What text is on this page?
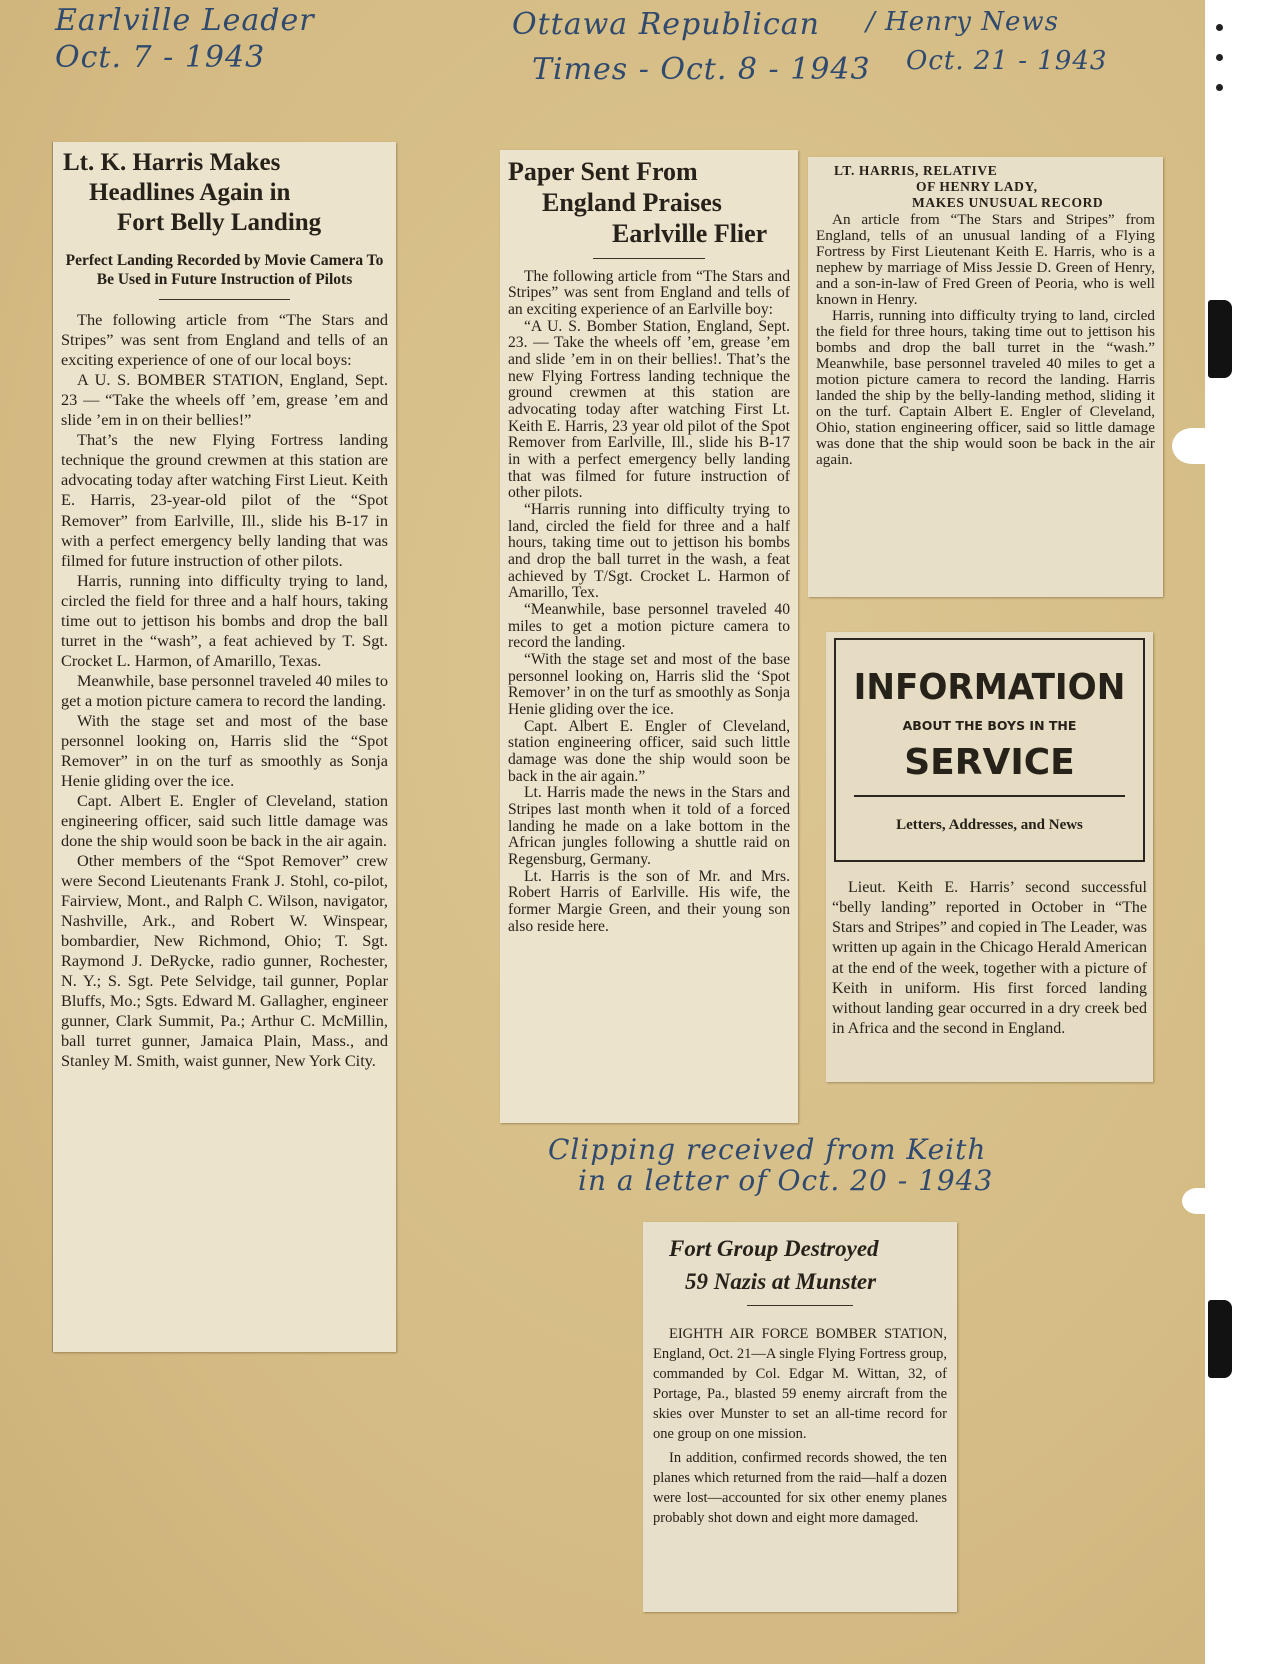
Earlville Leader
Oct. 7 - 1943
Ottawa Republican
Times - Oct. 8 - 1943
/ Henry News
Oct. 21 - 1943
Clipping received from Keith
in a letter of Oct. 20 - 1943
Lt. K. Harris Makes
Headlines Again in
Fort Belly Landing
Perfect Landing Recorded by Movie Camera To Be Used in Future Instruction of Pilots

The following article from “The Stars and Stripes” was sent from England and tells of an exciting experience of one of our local boys:

A U. S. BOMBER STATION, England, Sept. 23 — “Take the wheels off ’em, grease ’em and slide ’em in on their bellies!”

That’s the new Flying Fortress landing technique the ground crewmen at this station are advocating today after watching First Lieut. Keith E. Harris, 23-year-old pilot of the “Spot Remover” from Earlville, Ill., slide his B-17 in with a perfect emergency belly landing that was filmed for future instruction of other pilots.

Harris, running into difficulty trying to land, circled the field for three and a half hours, taking time out to jettison his bombs and drop the ball turret in the “wash”, a feat achieved by T. Sgt. Crocket L. Harmon, of Amarillo, Texas.

Meanwhile, base personnel traveled 40 miles to get a motion picture camera to record the landing.

With the stage set and most of the base personnel looking on, Harris slid the “Spot Remover” in on the turf as smoothly as Sonja Henie gliding over the ice.

Capt. Albert E. Engler of Cleveland, station engineering officer, said such little damage was done the ship would soon be back in the air again.

Other members of the “Spot Remover” crew were Second Lieutenants Frank J. Stohl, co-pilot, Fairview, Mont., and Ralph C. Wilson, navigator, Nashville, Ark., and Robert W. Winspear, bombardier, New Richmond, Ohio; T. Sgt. Raymond J. DeRycke, radio gunner, Rochester, N. Y.; S. Sgt. Pete Selvidge, tail gunner, Poplar Bluffs, Mo.; Sgts. Edward M. Gallagher, engineer gunner, Clark Summit, Pa.; Arthur C. McMillin, ball turret gunner, Jamaica Plain, Mass., and Stanley M. Smith, waist gunner, New York City.

Paper Sent From
England Praises
Earlville Flier

The following article from “The Stars and Stripes” was sent from England and tells of an exciting experience of an Earlville boy:

“A U. S. Bomber Station, England, Sept. 23. — Take the wheels off ’em, grease ’em and slide ’em in on their bellies!. That’s the new Flying Fortress landing technique the ground crewmen at this station are advocating today after watching First Lt. Keith E. Harris, 23 year old pilot of the Spot Remover from Earlville, Ill., slide his B-17 in with a perfect emergency belly landing that was filmed for future instruction of other pilots.

“Harris running into difficulty trying to land, circled the field for three and a half hours, taking time out to jettison his bombs and drop the ball turret in the wash, a feat achieved by T/Sgt. Crocket L. Harmon of Amarillo, Tex.

“Meanwhile, base personnel traveled 40 miles to get a motion picture camera to record the landing.

“With the stage set and most of the base personnel looking on, Harris slid the ‘Spot Remover’ in on the turf as smoothly as Sonja Henie gliding over the ice.

Capt. Albert E. Engler of Cleveland, station engineering officer, said such little damage was done the ship would soon be back in the air again.”

Lt. Harris made the news in the Stars and Stripes last month when it told of a forced landing he made on a lake bottom in the African jungles following a shuttle raid on Regensburg, Germany.

Lt. Harris is the son of Mr. and Mrs. Robert Harris of Earlville. His wife, the former Margie Green, and their young son also reside here.

LT. HARRIS, RELATIVE
OF HENRY LADY,
MAKES UNUSUAL RECORD

An article from “The Stars and Stripes” from England, tells of an unusual landing of a Flying Fortress by First Lieutenant Keith E. Harris, who is a nephew by marriage of Miss Jessie D. Green of Henry, and a son-in-law of Fred Green of Peoria, who is well known in Henry.

Harris, running into difficulty trying to land, circled the field for three hours, taking time out to jettison his bombs and drop the ball turret in the “wash.” Meanwhile, base personnel traveled 40 miles to get a motion picture camera to record the landing. Harris landed the ship by the belly-landing method, sliding it on the turf. Captain Albert E. Engler of Cleveland, Ohio, station engineering officer, said so little damage was done that the ship would soon be back in the air again.

INFORMATION
ABOUT THE BOYS IN THE
SERVICE
Letters, Addresses, and News

Lieut. Keith E. Harris’ second successful “belly landing” reported in October in “The Stars and Stripes” and copied in The Leader, was written up again in the Chicago Herald American at the end of the week, together with a picture of Keith in uniform. His first forced landing without landing gear occurred in a dry creek bed in Africa and the second in England.

Fort Group Destroyed
59 Nazis at Munster

EIGHTH AIR FORCE BOMBER STATION, England, Oct. 21—A single Flying Fortress group, commanded by Col. Edgar M. Wittan, 32, of Portage, Pa., blasted 59 enemy aircraft from the skies over Munster to set an all-time record for one group on one mission.

In addition, confirmed records showed, the ten planes which returned from the raid—half a dozen were lost—accounted for six other enemy planes probably shot down and eight more damaged.
